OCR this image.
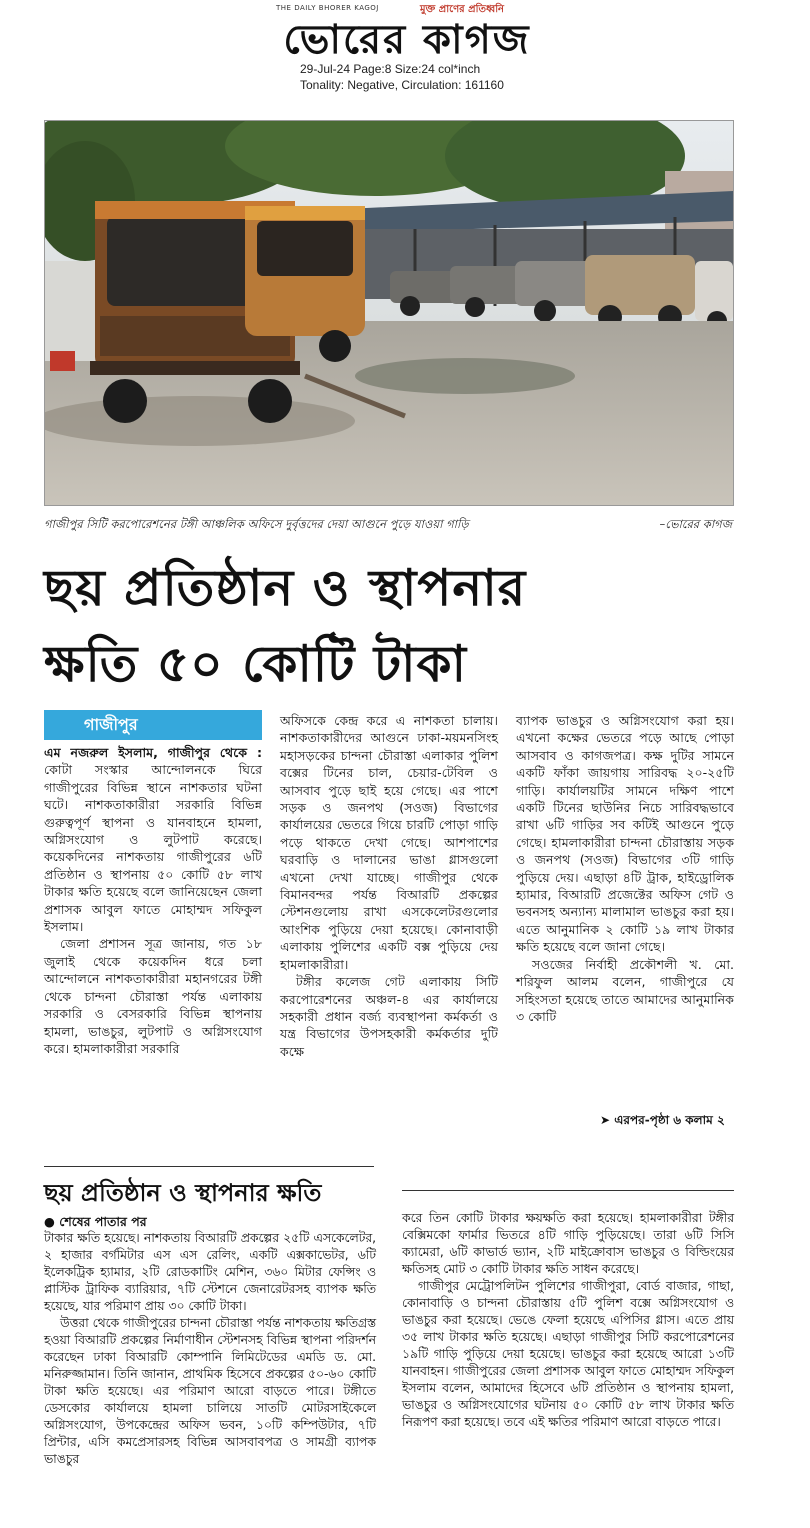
THE DAILY BHORER KAGOJ	মুক্ত প্রাণের প্রতিধ্বনি
ভোরের কাগজ
29-Jul-24 Page:8 Size:24 col*inch
Tonality: Negative, Circulation: 161160
গাজীপুর সিটি করপোরেশনের টঙ্গী আঞ্চলিক অফিসে দুর্বৃত্তদের দেয়া আগুনে পুড়ে যাওয়া গাড়ি	–ভোরের কাগজ
ছয় প্রতিষ্ঠান ও স্থাপনার
ক্ষতি ৫০ কোটি টাকা
গাজীপুর

এম নজরুল ইসলাম, গাজীপুর থেকে : কোটা সংস্কার আন্দোলনকে ঘিরে গাজীপুরের বিভিন্ন স্থানে নাশকতার ঘটনা ঘটে। নাশকতাকারীরা সরকারি বিভিন্ন গুরুত্বপূর্ণ স্থাপনা ও যানবাহনে হামলা, অগ্নিসংযোগ ও লুটপাট করেছে। কয়েকদিনের নাশকতায় গাজীপুরের ৬টি প্রতিষ্ঠান ও স্থাপনায় ৫০ কোটি ৫৮ লাখ টাকার ক্ষতি হয়েছে বলে জানিয়েছেন জেলা প্রশাসক আবুল ফাতে মোহাম্মদ সফিকুল ইসলাম।

জেলা প্রশাসন সূত্র জানায়, গত ১৮ জুলাই থেকে কয়েকদিন ধরে চলা আন্দোলনে নাশকতাকারীরা মহানগরের টঙ্গী থেকে চান্দনা চৌরাস্তা পর্যন্ত এলাকায় সরকারি ও বেসরকারি বিভিন্ন স্থাপনায় হামলা, ভাঙচুর, লুটপাট ও অগ্নিসংযোগ করে। হামলাকারীরা সরকারি

অফিসকে কেন্দ্র করে এ নাশকতা চালায়। নাশকতাকারীদের আগুনে ঢাকা-ময়মনসিংহ মহাসড়কের চান্দনা চৌরাস্তা এলাকার পুলিশ বক্সের টিনের চাল, চেয়ার-টেবিল ও আসবাব পুড়ে ছাই হয়ে গেছে। এর পাশে সড়ক ও জনপথ (সওজ) বিভাগের কার্যালয়ের ভেতরে গিয়ে চারটি পোড়া গাড়ি পড়ে থাকতে দেখা গেছে। আশপাশের ঘরবাড়ি ও দালানের ভাঙা গ্লাসগুলো এখনো দেখা যাচ্ছে। গাজীপুর থেকে বিমানবন্দর পর্যন্ত বিআরটি প্রকল্পের স্টেশনগুলোয় রাখা এসকেলেটরগুলোর আংশিক পুড়িয়ে দেয়া হয়েছে। কোনাবাড়ী এলাকায় পুলিশের একটি বক্স পুড়িয়ে দেয় হামলাকারীরা।

টঙ্গীর কলেজ গেট এলাকায় সিটি করপোরেশনের অঞ্চল-৪ এর কার্যালয়ে সহকারী প্রধান বর্জ্য ব্যবস্থাপনা কর্মকর্তা ও যন্ত্র বিভাগের উপসহকারী কর্মকর্তার দুটি কক্ষে

ব্যাপক ভাঙচুর ও অগ্নিসংযোগ করা হয়। এখনো কক্ষের ভেতরে পড়ে আছে পোড়া আসবাব ও কাগজপত্র। কক্ষ দুটির সামনে একটি ফাঁকা জায়গায় সারিবদ্ধ ২০-২৫টি গাড়ি। কার্যালয়টির সামনে দক্ষিণ পাশে একটি টিনের ছাউনির নিচে সারিবদ্ধভাবে রাখা ৬টি গাড়ির সব কটিই আগুনে পুড়ে গেছে। হামলাকারীরা চান্দনা চৌরাস্তায় সড়ক ও জনপথ (সওজ) বিভাগের ৩টি গাড়ি পুড়িয়ে দেয়। এছাড়া ৪টি ট্রাক, হাইড্রোলিক হ্যামার, বিআরটি প্রজেক্টের অফিস গেট ও ভবনসহ অন্যান্য মালামাল ভাঙচুর করা হয়। এতে আনুমানিক ২ কোটি ১৯ লাখ টাকার ক্ষতি হয়েছে বলে জানা গেছে।

সওজের নির্বাহী প্রকৌশলী খ. মো. শরিফুল আলম বলেন, গাজীপুরে যে সহিংসতা হয়েছে তাতে আমাদের আনুমানিক ৩ কোটি

➤ এরপর-পৃষ্ঠা ৬ কলাম ২
ছয় প্রতিষ্ঠান ও স্থাপনার ক্ষতি
● শেষের পাতার পর

টাকার ক্ষতি হয়েছে। নাশকতায় বিআরটি প্রকল্পের ২৫টি এসকেলেটর, ২ হাজার বর্গমিটার এস এস রেলিং, একটি এক্সকাভেটর, ৬টি ইলেকট্রিক হ্যামার, ২টি রোডকাটিং মেশিন, ৩৬০ মিটার ফেন্সিং ও প্লাস্টিক ট্রাফিক ব্যারিয়ার, ৭টি স্টেশনে জেনারেটরসহ ব্যাপক ক্ষতি হয়েছে, যার পরিমাণ প্রায় ৩০ কোটি টাকা।

উত্তরা থেকে গাজীপুরের চান্দনা চৌরাস্তা পর্যন্ত নাশকতায় ক্ষতিগ্রস্ত হওয়া বিআরটি প্রকল্পের নির্মাণাধীন স্টেশনসহ বিভিন্ন স্থাপনা পরিদর্শন করেছেন ঢাকা বিআরটি কোম্পানি লিমিটেডের এমডি ড. মো. মনিরুজ্জামান। তিনি জানান, প্রাথমিক হিসেবে প্রকল্পের ৫০-৬০ কোটি টাকা ক্ষতি হয়েছে। এর পরিমাণ আরো বাড়তে পারে। টঙ্গীতে ডেসকোর কার্যালয়ে হামলা চালিয়ে সাতটি মোটরসাইকেলে অগ্নিসংযোগ, উপকেন্দ্রের অফিস ভবন, ১০টি কম্পিউটার, ৭টি প্রিন্টার, এসি কমপ্রেসারসহ বিভিন্ন আসবাবপত্র ও সামগ্রী ব্যাপক ভাঙচুর

করে তিন কোটি টাকার ক্ষয়ক্ষতি করা হয়েছে। হামলাকারীরা টঙ্গীর বেক্সিমকো ফার্মার ভিতরে ৪টি গাড়ি পুড়িয়েছে। তারা ৬টি সিসি ক্যামেরা, ৬টি কাভার্ড ভ্যান, ২টি মাইক্রোবাস ভাঙচুর ও বিল্ডিংয়ের ক্ষতিসহ মোট ৩ কোটি টাকার ক্ষতি সাধন করেছে।

গাজীপুর মেট্রোপলিটন পুলিশের গাজীপুরা, বোর্ড বাজার, গাছা, কোনাবাড়ি ও চান্দনা চৌরাস্তায় ৫টি পুলিশ বক্সে অগ্নিসংযোগ ও ভাঙচুর করা হয়েছে। ভেঙে ফেলা হয়েছে এপিসির গ্লাস। এতে প্রায় ৩৫ লাখ টাকার ক্ষতি হয়েছে। এছাড়া গাজীপুর সিটি করপোরেশনের ১৯টি গাড়ি পুড়িয়ে দেয়া হয়েছে। ভাঙচুর করা হয়েছে আরো ১৩টি যানবাহন। গাজীপুরের জেলা প্রশাসক আবুল ফাতে মোহাম্মদ সফিকুল ইসলাম বলেন, আমাদের হিসেবে ৬টি প্রতিষ্ঠান ও স্থাপনায় হামলা, ভাঙচুর ও অগ্নিসংযোগের ঘটনায় ৫০ কোটি ৫৮ লাখ টাকার ক্ষতি নিরূপণ করা হয়েছে। তবে এই ক্ষতির পরিমাণ আরো বাড়তে পারে।
